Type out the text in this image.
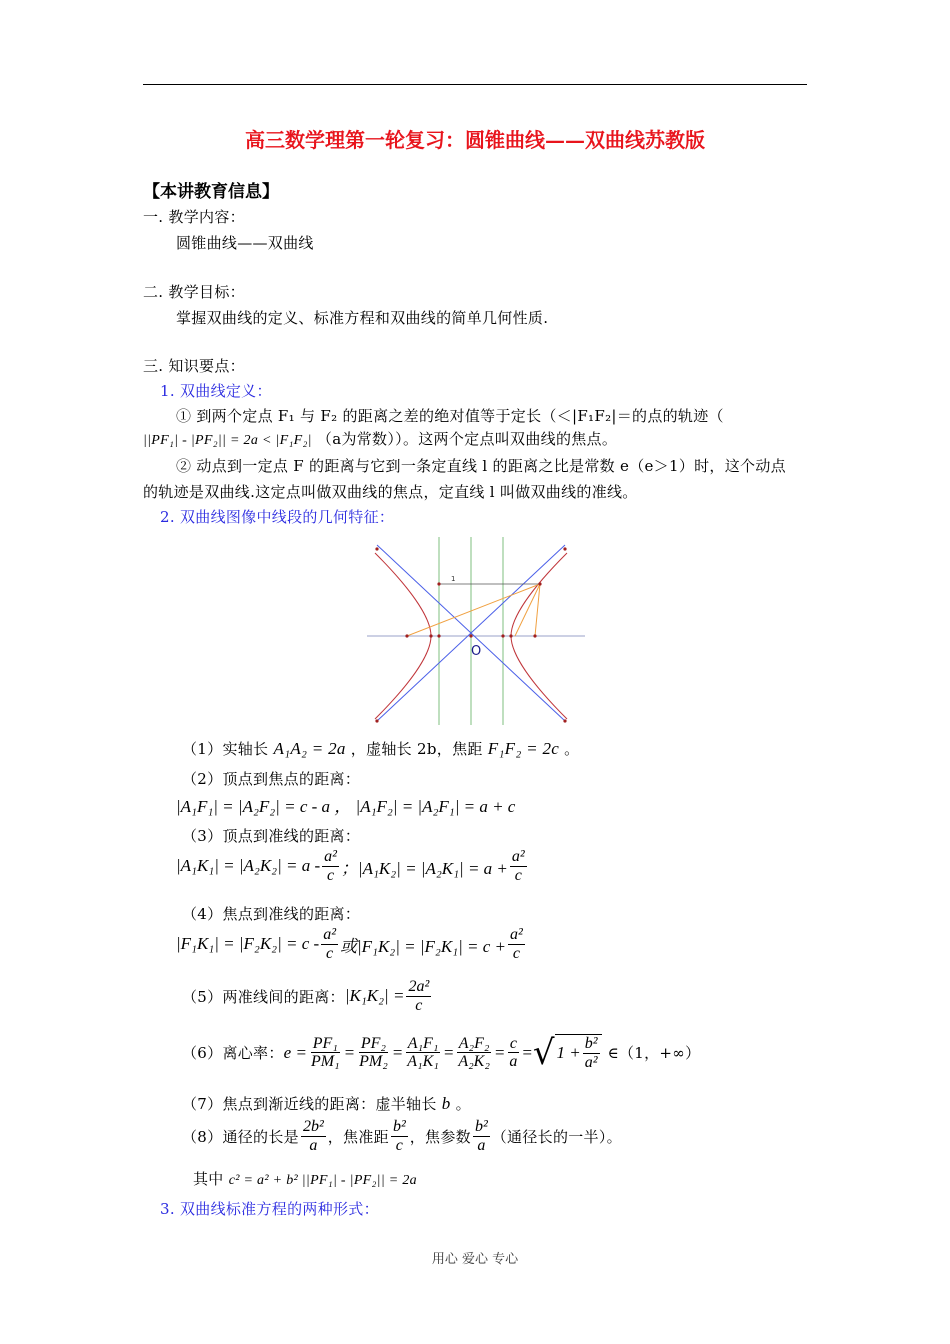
高三数学理第一轮复习：圆锥曲线——双曲线苏教版
【本讲教育信息】
一. 教学内容：
圆锥曲线——双曲线
二. 教学目标：
掌握双曲线的定义、标准方程和双曲线的简单几何性质.
三. 知识要点：
1. 双曲线定义：
① 到两个定点 F₁ 与 F₂ 的距离之差的绝对值等于定长（＜|F₁F₂|＝的点的轨迹（
||PF₁| - |PF₂|| = 2a < |F₁F₂| （a为常数））。这两个定点叫双曲线的焦点。
② 动点到一定点 F 的距离与它到一条定直线 l 的距离之比是常数 e（e＞1）时，这个动点
的轨迹是双曲线.这定点叫做双曲线的焦点，定直线 l 叫做双曲线的准线。
2. 双曲线图像中线段的几何特征：
1
O
（1）实轴长 A₁A₂ = 2a ，虚轴长 2b，焦距 F₁F₂ = 2c 。
（2）顶点到焦点的距离：
|A₁F₁| = |A₂F₂| = c - a ， |A₁F₂| = |A₂F₁| = a + c
（3）顶点到准线的距离：
$|A_1K_1| = |A_2K_2| = a - \frac{\text{a²}}{c}$ ；$|A_1K_2| = |A_2K_1| = a + \frac{\text{a²}}{c}$
（4）焦点到准线的距离：
$|F_1K_1| = |F_2K_2| = c - \frac{\text{a²}}{c}$ 或$|F_1K_2| = |F_2K_1| = c + \frac{\text{a²}}{c}$
（5）两准线间的距离： $|K_1K_2| = \frac{\text{2a²}}{c}$
（6）离心率： $e = \frac{\text{PF₁}}{\text{PM₁}} = \frac{\text{PF₂}}{\text{PM₂}} = \frac{\text{A₁F₁}}{\text{A₁K₁}} = \frac{\text{A₂F₂}}{\text{A₂K₂}} = \frac{c}{a}$ = √ $1 + \frac{\text{b²}}{\text{a²}}$ ∈（1，+∞）
（7）焦点到渐近线的距离：虚半轴长 b 。
（8）通径的长是 $\frac{\text{2b²}}{a}$ ，焦准距 $\frac{\text{b²}}{c}$ ，焦参数 $\frac{\text{b²}}{a}$ （通径长的一半）。
其中 c² = a² + b² ||PF₁| - |PF₂|| = 2a
3. 双曲线标准方程的两种形式：
用心 爱心 专心
